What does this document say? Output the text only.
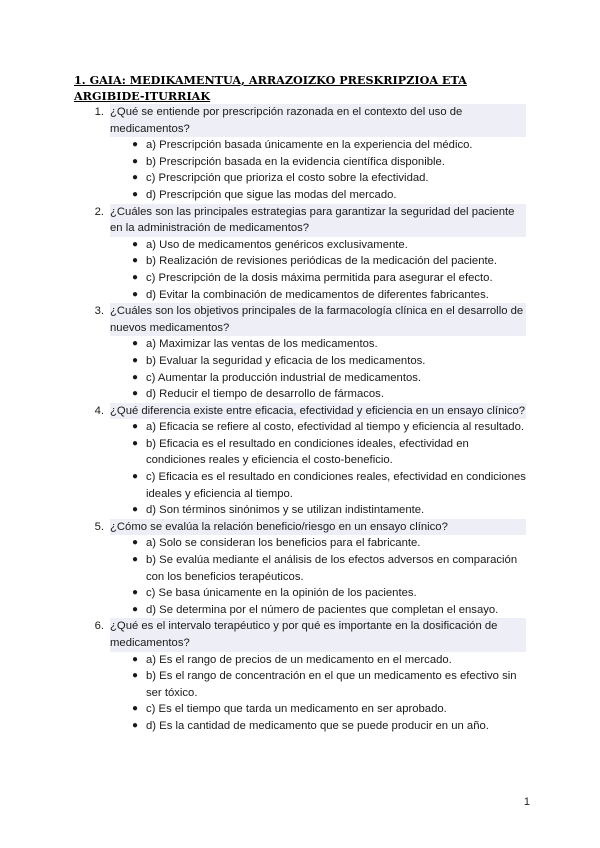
1. GAIA: MEDIKAMENTUA, ARRAZOIZKO PRESKRIPZIOA ETA ARGIBIDE-ITURRIAK
1. ¿Qué se entiende por prescripción razonada en el contexto del uso de medicamentos?
● a) Prescripción basada únicamente en la experiencia del médico.
● b) Prescripción basada en la evidencia científica disponible.
● c) Prescripción que prioriza el costo sobre la efectividad.
● d) Prescripción que sigue las modas del mercado.
2. ¿Cuáles son las principales estrategias para garantizar la seguridad del paciente en la administración de medicamentos?
● a) Uso de medicamentos genéricos exclusivamente.
● b) Realización de revisiones periódicas de la medicación del paciente.
● c) Prescripción de la dosis máxima permitida para asegurar el efecto.
● d) Evitar la combinación de medicamentos de diferentes fabricantes.
3. ¿Cuáles son los objetivos principales de la farmacología clínica en el desarrollo de nuevos medicamentos?
● a) Maximizar las ventas de los medicamentos.
● b) Evaluar la seguridad y eficacia de los medicamentos.
● c) Aumentar la producción industrial de medicamentos.
● d) Reducir el tiempo de desarrollo de fármacos.
4. ¿Qué diferencia existe entre eficacia, efectividad y eficiencia en un ensayo clínico?
● a) Eficacia se refiere al costo, efectividad al tiempo y eficiencia al resultado.
● b) Eficacia es el resultado en condiciones ideales, efectividad en condiciones reales y eficiencia el costo-beneficio.
● c) Eficacia es el resultado en condiciones reales, efectividad en condiciones ideales y eficiencia al tiempo.
● d) Son términos sinónimos y se utilizan indistintamente.
5. ¿Cómo se evalúa la relación beneficio/riesgo en un ensayo clínico?
● a) Solo se consideran los beneficios para el fabricante.
● b) Se evalúa mediante el análisis de los efectos adversos en comparación con los beneficios terapéuticos.
● c) Se basa únicamente en la opinión de los pacientes.
● d) Se determina por el número de pacientes que completan el ensayo.
6. ¿Qué es el intervalo terapéutico y por qué es importante en la dosificación de medicamentos?
● a) Es el rango de precios de un medicamento en el mercado.
● b) Es el rango de concentración en el que un medicamento es efectivo sin ser tóxico.
● c) Es el tiempo que tarda un medicamento en ser aprobado.
● d) Es la cantidad de medicamento que se puede producir en un año.
1
